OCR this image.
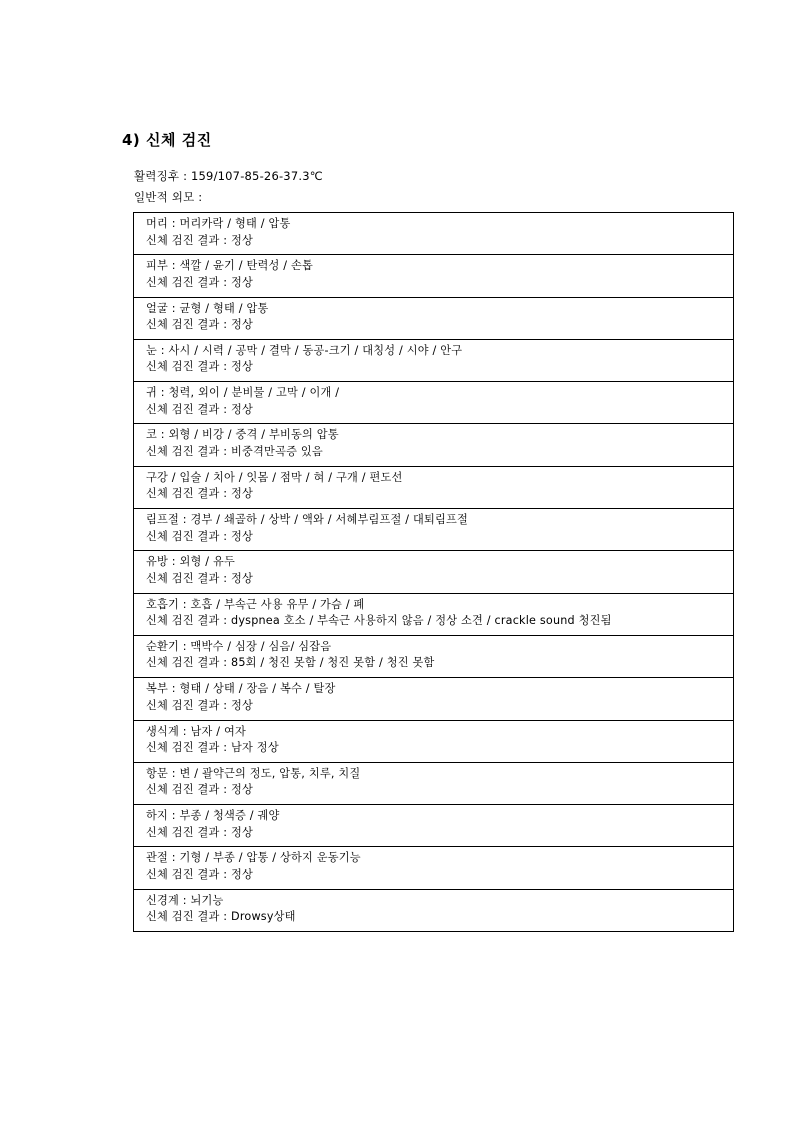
4) 신체 검진
활력징후 : 159/107-85-26-37.3℃
일반적 외모 :
머리 : 머리카락 / 형태 / 압통
신체 검진 결과 : 정상
피부 : 색깔 / 윤기 / 탄력성 / 손톱
신체 검진 결과 : 정상
얼굴 : 균형 / 형태 / 압통
신체 검진 결과 : 정상
눈 : 사시 / 시력 / 공막 / 결막 / 동공-크기 / 대칭성 / 시야 / 안구
신체 검진 결과 : 정상
귀 : 청력, 외이 / 분비물 / 고막 / 이개 /
신체 검진 결과 : 정상
코 : 외형 / 비강 / 중격 / 부비동의 압통
신체 검진 결과 : 비중격만곡증 있음
구강 / 입술 / 치아 / 잇몸 / 점막 / 혀 / 구개 / 편도선
신체 검진 결과 : 정상
림프절 : 경부 / 쇄골하 / 상박 / 액와 / 서혜부림프절 / 대퇴림프절
신체 검진 결과 : 정상
유방 : 외형 / 유두
신체 검진 결과 : 정상
호흡기 : 호흡 / 부속근 사용 유무 / 가슴 / 폐
신체 검진 결과 : dyspnea 호소 / 부속근 사용하지 않음 / 정상 소견 / crackle sound 청진됨
순환기 : 맥박수 / 심장 / 심음/ 심잡음
신체 검진 결과 : 85회 / 청진 못함 / 청진 못함 / 청진 못함
복부 : 형태 / 상태 / 장음 / 복수 / 탈장
신체 검진 결과 : 정상
생식계 : 남자 / 여자
신체 검진 결과 : 남자 정상
항문 : 변 / 괄약근의 정도, 압통, 치루, 치질
신체 검진 결과 : 정상
하지 : 부종 / 청색증 / 궤양
신체 검진 결과 : 정상
관절 : 기형 / 부종 / 압통 / 상하지 운동기능
신체 검진 결과 : 정상
신경계 : 뇌기능
신체 검진 결과 : Drowsy상태
